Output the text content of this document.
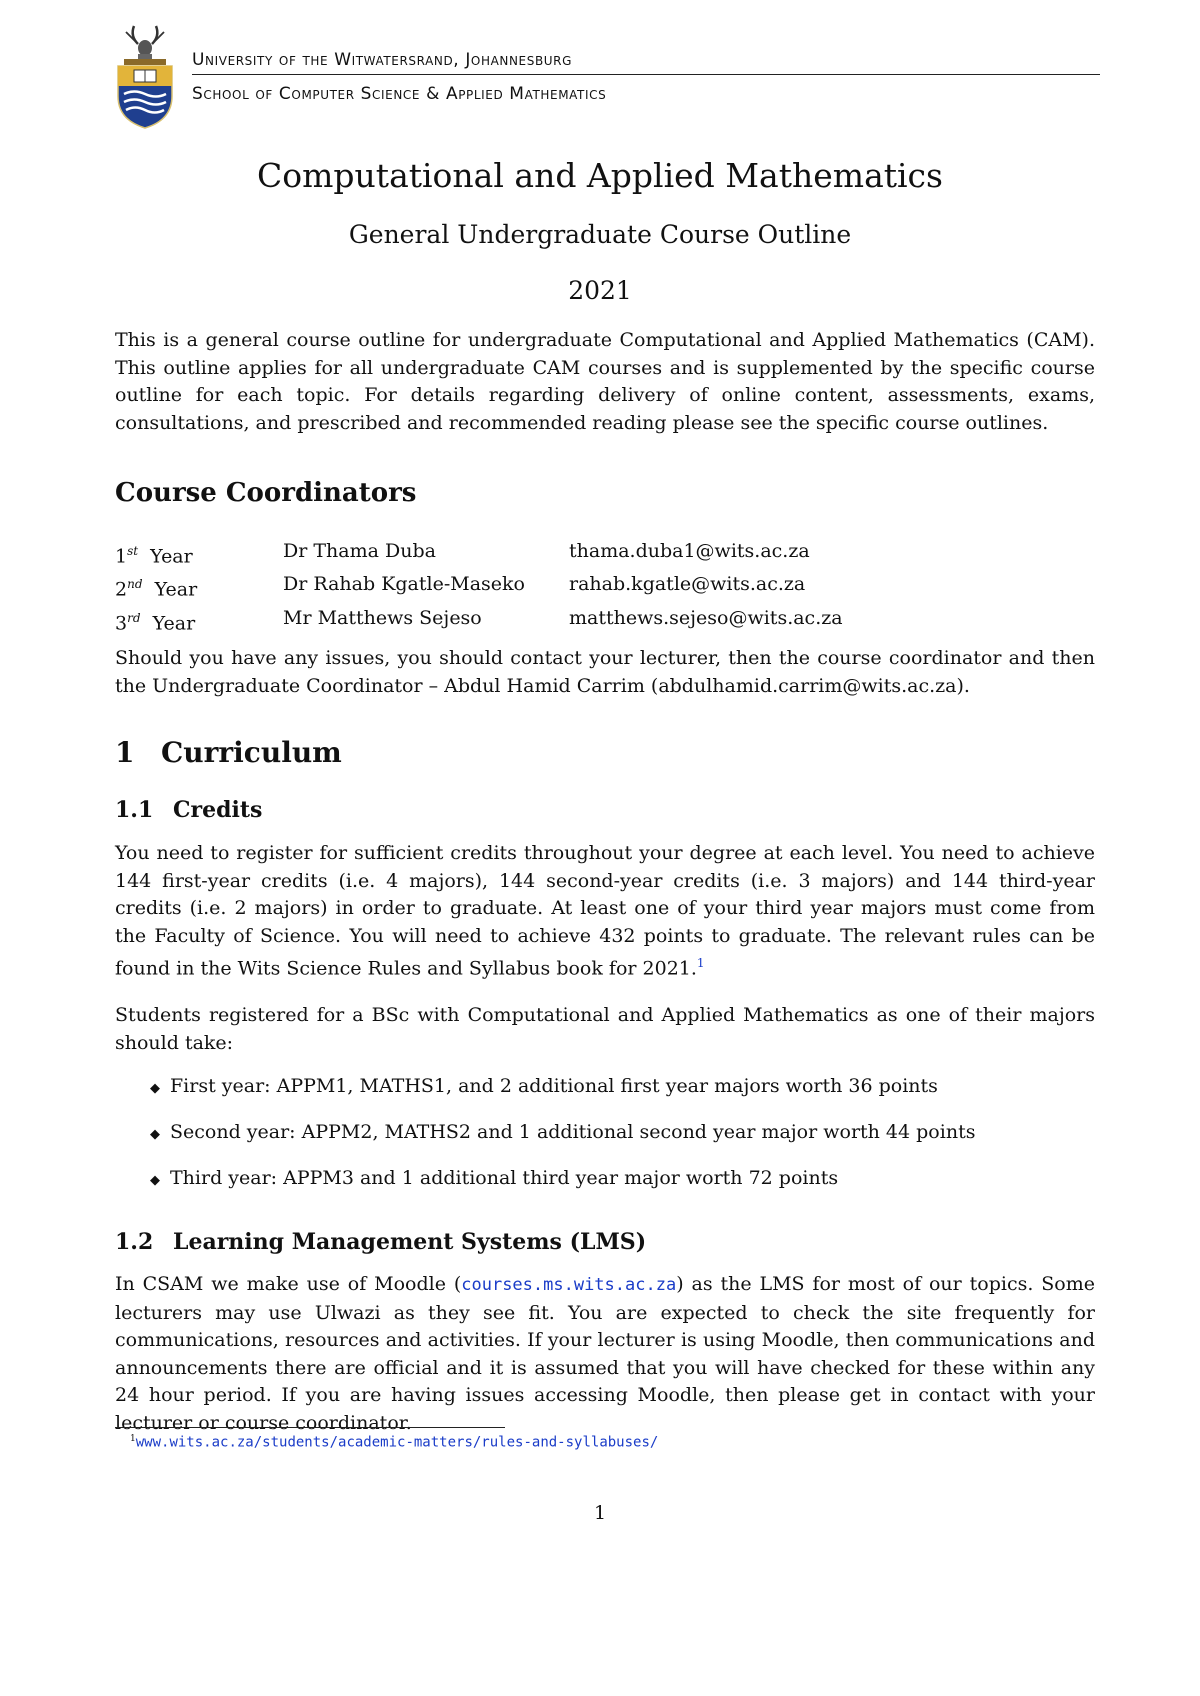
University of the Witwatersrand, Johannesburg
School of Computer Science & Applied Mathematics
Computational and Applied Mathematics
General Undergraduate Course Outline
2021
This is a general course outline for undergraduate Computational and Applied Mathematics (CAM). This outline applies for all undergraduate CAM courses and is supplemented by the specific course outline for each topic. For details regarding delivery of online content, assessments, exams, consultations, and prescribed and recommended reading please see the specific course outlines.
Course Coordinators
1st Year	Dr Thama Duba	thama.duba1@wits.ac.za
2nd Year	Dr Rahab Kgatle-Maseko	rahab.kgatle@wits.ac.za
3rd Year	Mr Matthews Sejeso	matthews.sejeso@wits.ac.za
Should you have any issues, you should contact your lecturer, then the course coordinator and then the Undergraduate Coordinator – Abdul Hamid Carrim (abdulhamid.carrim@wits.ac.za).
1 Curriculum
1.1 Credits
You need to register for sufficient credits throughout your degree at each level. You need to achieve 144 first-year credits (i.e. 4 majors), 144 second-year credits (i.e. 3 majors) and 144 third-year credits (i.e. 2 majors) in order to graduate. At least one of your third year majors must come from the Faculty of Science. You will need to achieve 432 points to graduate. The relevant rules can be found in the Wits Science Rules and Syllabus book for 2021.$^1$
Students registered for a BSc with Computational and Applied Mathematics as one of their majors should take:
◆ First year: APPM1, MATHS1, and 2 additional first year majors worth 36 points
◆ Second year: APPM2, MATHS2 and 1 additional second year major worth 44 points
◆ Third year: APPM3 and 1 additional third year major worth 72 points
1.2 Learning Management Systems (LMS)
In CSAM we make use of Moodle (courses.ms.wits.ac.za) as the LMS for most of our topics. Some lecturers may use Ulwazi as they see fit. You are expected to check the site frequently for communications, resources and activities. If your lecturer is using Moodle, then communications and announcements there are official and it is assumed that you will have checked for these within any 24 hour period. If you are having issues accessing Moodle, then please get in contact with your lecturer or course coordinator.
$^1$www.wits.ac.za/students/academic-matters/rules-and-syllabuses/
1
